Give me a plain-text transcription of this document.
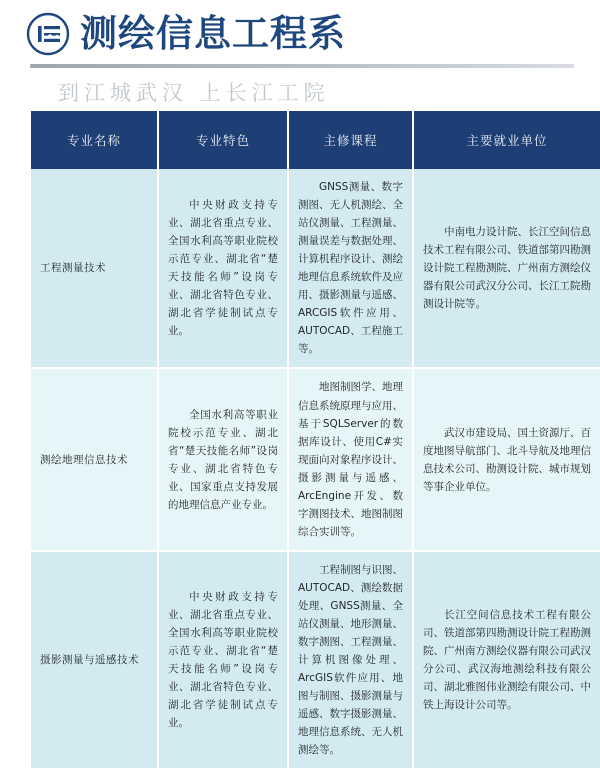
测绘信息工程系
到江城武汉 上长江工院
专业名称	专业特色	主修课程	主要就业单位
工程测量技术	中央财政支持专业、湖北省重点专业、全国水利高等职业院校示范专业、湖北省“楚天技能名师”设岗专业、湖北省特色专业、湖北省学徒制试点专业。	GNSS测量、数字测图、无人机测绘、全站仪测量、工程测量、测量误差与数据处理、计算机程序设计、测绘地理信息系统软件及应用、摄影测量与遥感、ARCGIS软件应用、AUTOCAD、工程施工等。	中南电力设计院、长江空间信息技术工程有限公司、铁道部第四勘测设计院工程勘测院、广州南方测绘仪器有限公司武汉分公司、长江工院勘测设计院等。

测绘地理信息技术	全国水利高等职业院校示范专业、湖北省“楚天技能名师”设岗专业、湖北省特色专业、国家重点支持发展的地理信息产业专业。	地图制图学、地理信息系统原理与应用、基于SQLServer的数据库设计、使用C#实现面向对象程序设计、摄影测量与遥感、ArcEngine开发、数字测图技术、地图制图综合实训等。	武汉市建设局、国土资源厅、百度地图导航部门、北斗导航及地理信息技术公司、勘测设计院、城市规划等事企业单位。

摄影测量与遥感技术	中央财政支持专业、湖北省重点专业、全国水利高等职业院校示范专业、湖北省“楚天技能名师”设岗专业、湖北省特色专业、湖北省学徒制试点专业。	工程制图与识图、AUTOCAD、测绘数据处理、GNSS测量、全站仪测量、地形测量、数字测图、工程测量、计算机图像处理、ArcGIS软件应用、地图与制图、摄影测量与遥感、数字摄影测量、地理信息系统、无人机测绘等。	长江空间信息技术工程有限公司、铁道部第四勘测设计院工程勘测院、广州南方测绘仪器有限公司武汉分公司、武汉海地测绘科技有限公司、湖北雅图伟业测绘有限公司、中铁上海设计公司等。
